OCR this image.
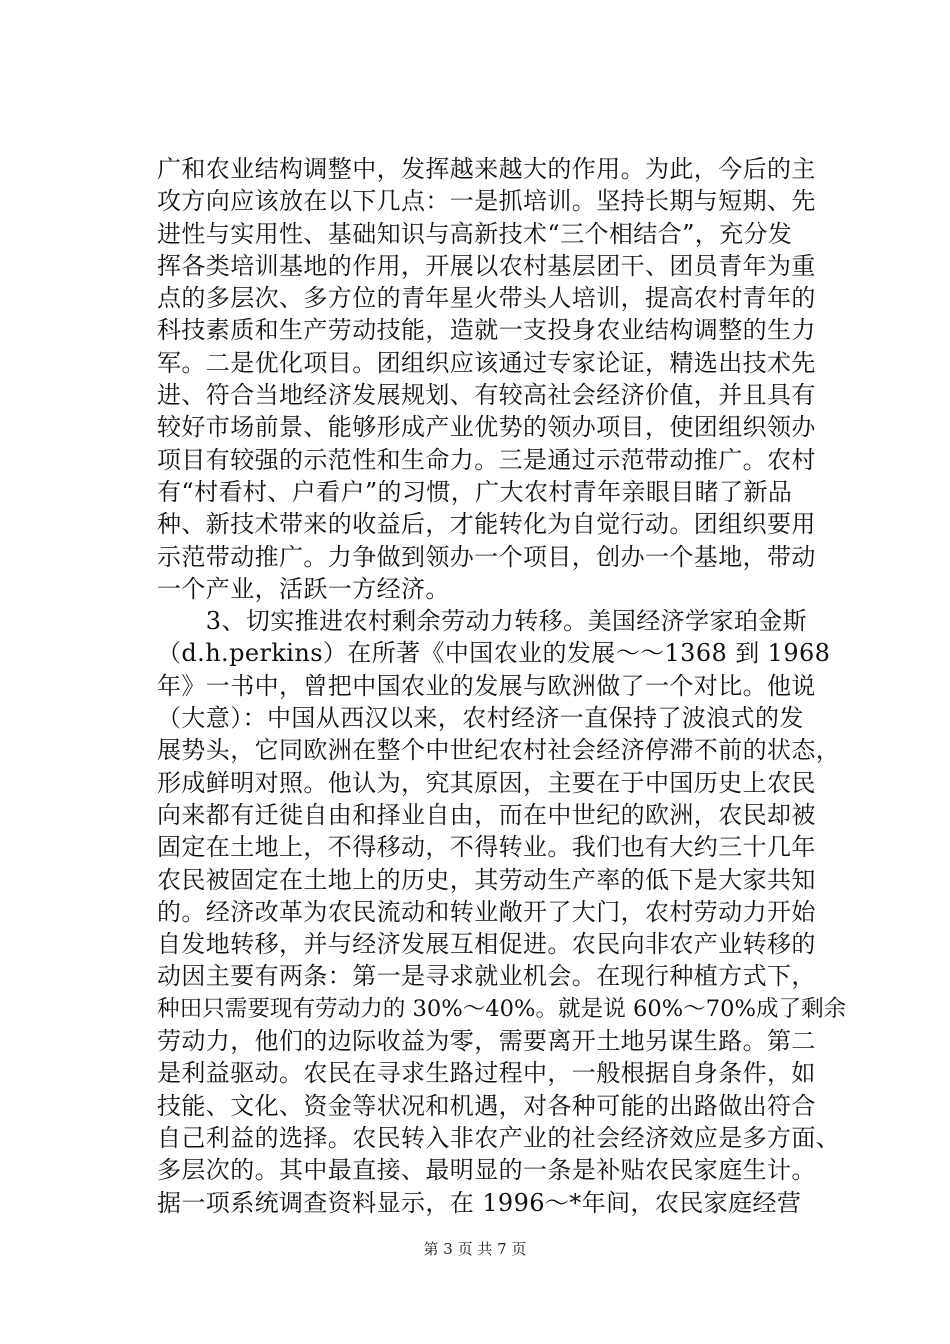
广和农业结构调整中，发挥越来越大的作用。为此，今后的主
攻方向应该放在以下几点：一是抓培训。坚持长期与短期、先
进性与实用性、基础知识与高新技术“三个相结合”，充分发
挥各类培训基地的作用，开展以农村基层团干、团员青年为重
点的多层次、多方位的青年星火带头人培训，提高农村青年的
科技素质和生产劳动技能，造就一支投身农业结构调整的生力
军。二是优化项目。团组织应该通过专家论证，精选出技术先
进、符合当地经济发展规划、有较高社会经济价值，并且具有
较好市场前景、能够形成产业优势的领办项目，使团组织领办
项目有较强的示范性和生命力。三是通过示范带动推广。农村
有“村看村、户看户”的习惯，广大农村青年亲眼目睹了新品
种、新技术带来的收益后，才能转化为自觉行动。团组织要用
示范带动推广。力争做到领办一个项目，创办一个基地，带动
一个产业，活跃一方经济。
　　3、切实推进农村剩余劳动力转移。美国经济学家珀金斯
（d.h.perkins）在所著《中国农业的发展～～1368 到 1968
年》一书中，曾把中国农业的发展与欧洲做了一个对比。他说
（大意）：中国从西汉以来，农村经济一直保持了波浪式的发
展势头，它同欧洲在整个中世纪农村社会经济停滞不前的状态，
形成鲜明对照。他认为，究其原因，主要在于中国历史上农民
向来都有迁徙自由和择业自由，而在中世纪的欧洲，农民却被
固定在土地上，不得移动，不得转业。我们也有大约三十几年
农民被固定在土地上的历史，其劳动生产率的低下是大家共知
的。经济改革为农民流动和转业敞开了大门，农村劳动力开始
自发地转移，并与经济发展互相促进。农民向非农产业转移的
动因主要有两条：第一是寻求就业机会。在现行种植方式下，
种田只需要现有劳动力的 30%～40%。就是说 60%～70%成了剩余
劳动力，他们的边际收益为零，需要离开土地另谋生路。第二
是利益驱动。农民在寻求生路过程中，一般根据自身条件，如
技能、文化、资金等状况和机遇，对各种可能的出路做出符合
自己利益的选择。农民转入非农产业的社会经济效应是多方面、
多层次的。其中最直接、最明显的一条是补贴农民家庭生计。
据一项系统调查资料显示，在 1996～*年间，农民家庭经营
第 3 页 共 7 页
